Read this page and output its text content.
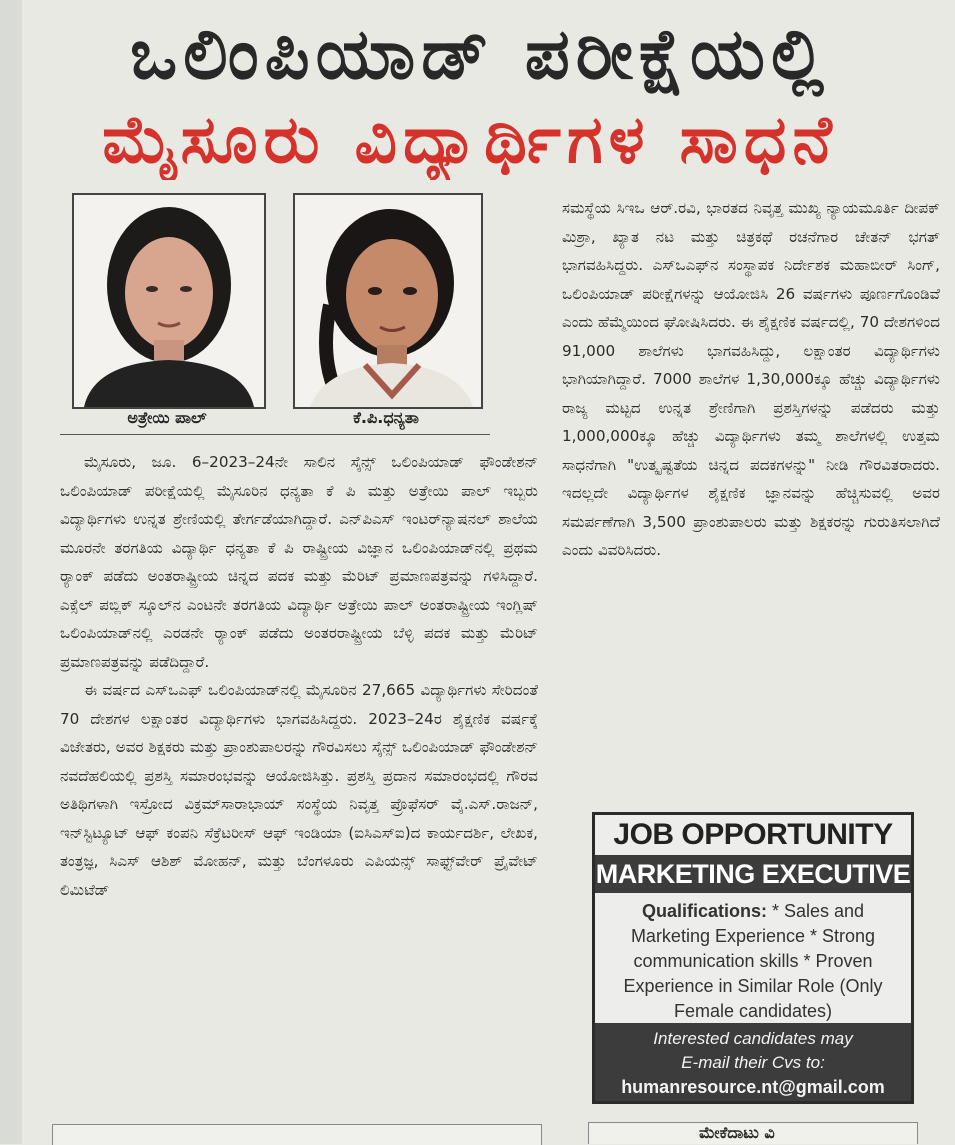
ಒಲಿಂಪಿಯಾಡ್ ಪರೀಕ್ಷೆಯಲ್ಲಿ
ಮೈಸೂರು ವಿದ್ಯಾರ್ಥಿಗಳ ಸಾಧನೆ
ಅತ್ರೇಯಿ ಪಾಲ್	ಕೆ.ಪಿ.ಧನ್ಯತಾ

ಮೈಸೂರು, ಜೂ. 6–2023–24ನೇ ಸಾಲಿನ ಸೈನ್ಸ್ ಒಲಿಂಪಿಯಾಡ್ ಫೌಂಡೇಶನ್ ಒಲಿಂಪಿಯಾಡ್ ಪರೀಕ್ಷೆಯಲ್ಲಿ ಮೈಸೂರಿನ ಧನ್ಯತಾ ಕೆ ಪಿ ಮತ್ತು ಅತ್ರೇಯಿ ಪಾಲ್ ಇಬ್ಬರು ವಿದ್ಯಾರ್ಥಿಗಳು ಉನ್ನತ ಶ್ರೇಣಿಯಲ್ಲಿ ತೇರ್ಗಡೆಯಾಗಿದ್ದಾರೆ. ಎನ್‌ಪಿಎಸ್ ಇಂಟರ್‌ನ್ಯಾಷನಲ್ ಶಾಲೆಯ ಮೂರನೇ ತರಗತಿಯ ವಿದ್ಯಾರ್ಥಿ ಧನ್ಯತಾ ಕೆ ಪಿ ರಾಷ್ಟ್ರೀಯ ವಿಜ್ಞಾನ ಒಲಿಂಪಿಯಾಡ್‌ನಲ್ಲಿ ಪ್ರಥಮ ರ್‍ಯಾಂಕ್ ಪಡೆದು ಅಂತರಾಷ್ಟ್ರೀಯ ಚಿನ್ನದ ಪದಕ ಮತ್ತು ಮೆರಿಟ್ ಪ್ರಮಾಣಪತ್ರವನ್ನು ಗಳಿಸಿದ್ದಾರೆ. ಎಕ್ಸೆಲ್ ಪಬ್ಲಿಕ್ ಸ್ಕೂಲ್‌ನ ಎಂಟನೇ ತರಗತಿಯ ವಿದ್ಯಾರ್ಥಿ ಅತ್ರೇಯಿ ಪಾಲ್ ಅಂತರಾಷ್ಟ್ರೀಯ ಇಂಗ್ಲಿಷ್ ಒಲಿಂಪಿಯಾಡ್‌ನಲ್ಲಿ ಎರಡನೇ ರ್‍ಯಾಂಕ್ ಪಡೆದು ಅಂತರರಾಷ್ಟ್ರೀಯ ಬೆಳ್ಳಿ ಪದಕ ಮತ್ತು ಮೆರಿಟ್ ಪ್ರಮಾಣಪತ್ರವನ್ನು ಪಡೆದಿದ್ದಾರೆ.

ಈ ವರ್ಷದ ಎಸ್‌ಒಎಫ್ ಒಲಿಂಪಿಯಾಡ್‌ನಲ್ಲಿ ಮೈಸೂರಿನ 27,665 ವಿದ್ಯಾರ್ಥಿಗಳು ಸೇರಿದಂತೆ 70 ದೇಶಗಳ ಲಕ್ಷಾಂತರ ವಿದ್ಯಾರ್ಥಿಗಳು ಭಾಗವಹಿಸಿದ್ದರು. 2023–24ರ ಶೈಕ್ಷಣಿಕ ವರ್ಷಕ್ಕೆ ವಿಜೇತರು, ಅವರ ಶಿಕ್ಷಕರು ಮತ್ತು ಪ್ರಾಂಶುಪಾಲರನ್ನು ಗೌರವಿಸಲು ಸೈನ್ಸ್ ಒಲಿಂಪಿಯಾಡ್ ಫೌಂಡೇಶನ್ ನವದೆಹಲಿಯಲ್ಲಿ ಪ್ರಶಸ್ತಿ ಸಮಾರಂಭವನ್ನು ಆಯೋಜಿಸಿತ್ತು. ಪ್ರಶಸ್ತಿ ಪ್ರದಾನ ಸಮಾರಂಭದಲ್ಲಿ ಗೌರವ ಅತಿಥಿಗಳಾಗಿ ಇಸ್ರೋದ ವಿಕ್ರಮ್‌ಸಾರಾಭಾಯ್ ಸಂಸ್ಥೆಯ ನಿವೃತ್ತ ಪ್ರೊಫೆಸರ್ ವೈ.ಎಸ್.ರಾಜನ್, ಇನ್‌ಸ್ಟಿಟ್ಯೂಟ್ ಆಫ್ ಕಂಪನಿ ಸೆಕ್ರೆಟರೀಸ್ ಆಫ್ ಇಂಡಿಯಾ (ಐಸಿಎಸ್‌ಐ)ದ ಕಾರ್ಯದರ್ಶಿ, ಲೇಖಕ, ತಂತ್ರಜ್ಞ, ಸಿಎಸ್ ಆಶಿಶ್ ಮೋಹನ್, ಮತ್ತು ಬೆಂಗಳೂರು ಎಪಿಯನ್ಸ್ ಸಾಫ್ಟ್‌ವೇರ್ ಪ್ರೈವೇಟ್ ಲಿಮಿಟೆಡ್

ಸಮಸ್ಥೆಯ ಸಿಇಒ ಆರ್.ರವಿ, ಭಾರತದ ನಿವೃತ್ತ ಮುಖ್ಯ ನ್ಯಾಯಮೂರ್ತಿ ದೀಪಕ್ ಮಿಶ್ರಾ, ಖ್ಯಾತ ನಟ ಮತ್ತು ಚಿತ್ರಕಥೆ ರಚನೆಗಾರ ಚೇತನ್ ಭಗತ್ ಭಾಗವಹಿಸಿದ್ದರು. ಎಸ್‌ಒಎಫ್‌ನ ಸಂಸ್ಥಾಪಕ ನಿರ್ದೇಶಕ ಮಹಾಬೀರ್ ಸಿಂಗ್, ಒಲಿಂಪಿಯಾಡ್ ಪರೀಕ್ಷೆಗಳನ್ನು ಆಯೋಜಿಸಿ 26 ವರ್ಷಗಳು ಪೂರ್ಣಗೊಂಡಿವೆ ಎಂದು ಹೆಮ್ಮೆಯಿಂದ ಘೋಷಿಸಿದರು. ಈ ಶೈಕ್ಷಣಿಕ ವರ್ಷದಲ್ಲಿ, 70 ದೇಶಗಳಿಂದ 91,000 ಶಾಲೆಗಳು ಭಾಗವಹಿಸಿದ್ದು, ಲಕ್ಷಾಂತರ ವಿದ್ಯಾರ್ಥಿಗಳು ಭಾಗಿಯಾಗಿದ್ದಾರೆ. 7000 ಶಾಲೆಗಳ 1,30,000ಕ್ಕೂ ಹೆಚ್ಚು ವಿದ್ಯಾರ್ಥಿಗಳು ರಾಜ್ಯ ಮಟ್ಟದ ಉನ್ನತ ಶ್ರೇಣಿಗಾಗಿ ಪ್ರಶಸ್ತಿಗಳನ್ನು ಪಡೆದರು ಮತ್ತು 1,000,000ಕ್ಕೂ ಹೆಚ್ಚು ವಿದ್ಯಾರ್ಥಿಗಳು ತಮ್ಮ ಶಾಲೆಗಳಲ್ಲಿ ಉತ್ತಮ ಸಾಧನೆಗಾಗಿ "ಉತ್ಕೃಷ್ಟತೆಯ ಚಿನ್ನದ ಪದಕಗಳನ್ನು" ನೀಡಿ ಗೌರವಿತರಾದರು. ಇದಲ್ಲದೇ ವಿದ್ಯಾರ್ಥಿಗಳ ಶೈಕ್ಷಣಿಕ ಜ್ಞಾನವನ್ನು ಹೆಚ್ಚಿಸುವಲ್ಲಿ ಅವರ ಸಮರ್ಪಣೆಗಾಗಿ 3,500 ಪ್ರಾಂಶುಪಾಲರು ಮತ್ತು ಶಿಕ್ಷಕರನ್ನು ಗುರುತಿಸಲಾಗಿದೆ ಎಂದು ವಿವರಿಸಿದರು.

JOB OPPORTUNITY
MARKETING EXECUTIVE
Qualifications: * Sales and Marketing Experience * Strong communication skills * Proven Experience in Similar Role (Only Female candidates)
Interested candidates may
E-mail their Cvs to:
humanresource.nt@gmail.com
ಮೇಕೆದಾಟು ವಿ
